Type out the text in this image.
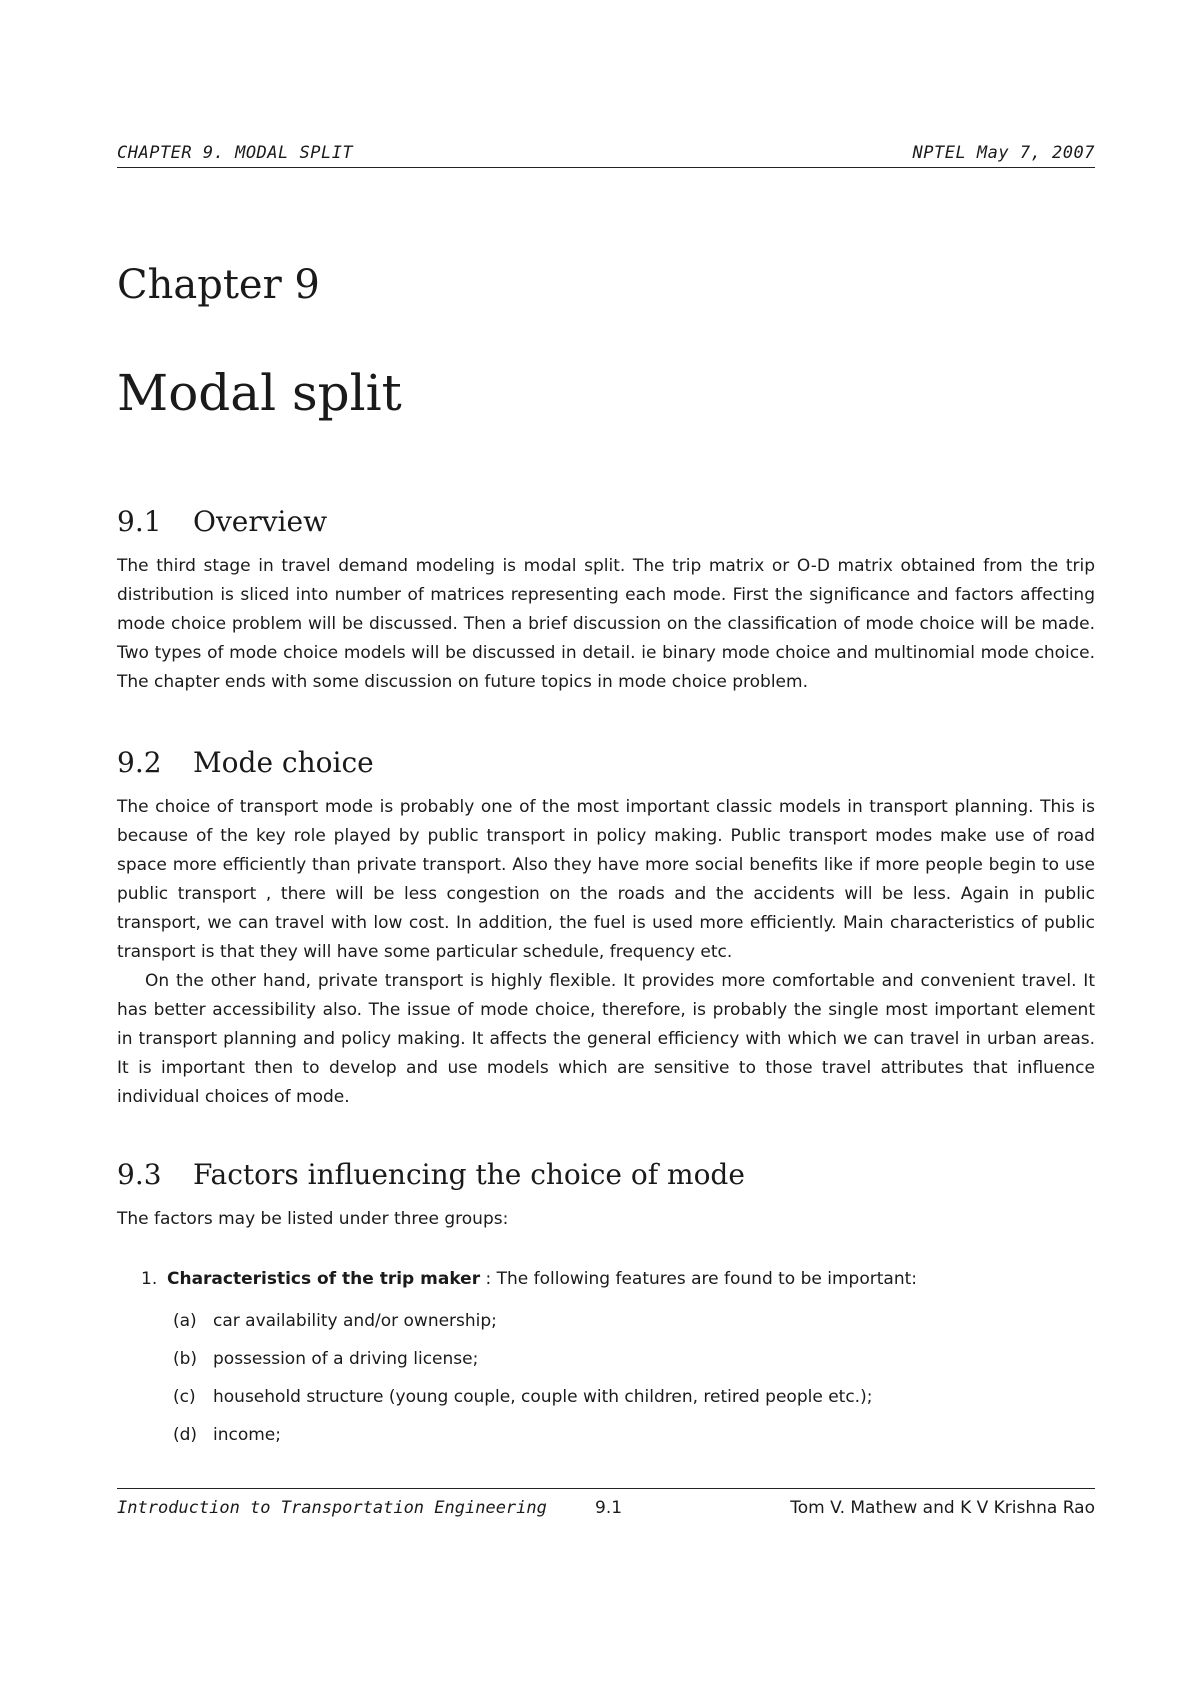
CHAPTER 9. MODAL SPLIT	NPTEL May 7, 2007
Chapter 9
Modal split
9.1 Overview

The third stage in travel demand modeling is modal split. The trip matrix or O-D matrix obtained from the trip distribution is sliced into number of matrices representing each mode. First the significance and factors affecting mode choice problem will be discussed. Then a brief discussion on the classification of mode choice will be made. Two types of mode choice models will be discussed in detail. ie binary mode choice and multinomial mode choice. The chapter ends with some discussion on future topics in mode choice problem.

9.2 Mode choice

The choice of transport mode is probably one of the most important classic models in transport planning. This is because of the key role played by public transport in policy making. Public transport modes make use of road space more efficiently than private transport. Also they have more social benefits like if more people begin to use public transport , there will be less congestion on the roads and the accidents will be less. Again in public transport, we can travel with low cost. In addition, the fuel is used more efficiently. Main characteristics of public transport is that they will have some particular schedule, frequency etc.

On the other hand, private transport is highly flexible. It provides more comfortable and convenient travel. It has better accessibility also. The issue of mode choice, therefore, is probably the single most important element in transport planning and policy making. It affects the general efficiency with which we can travel in urban areas. It is important then to develop and use models which are sensitive to those travel attributes that influence individual choices of mode.

9.3 Factors influencing the choice of mode

The factors may be listed under three groups:

1. Characteristics of the trip maker : The following features are found to be important:
(a) car availability and/or ownership;
(b) possession of a driving license;
(c) household structure (young couple, couple with children, retired people etc.);
(d) income;
Introduction to Transportation Engineering	9.1	Tom V. Mathew and K V Krishna Rao
